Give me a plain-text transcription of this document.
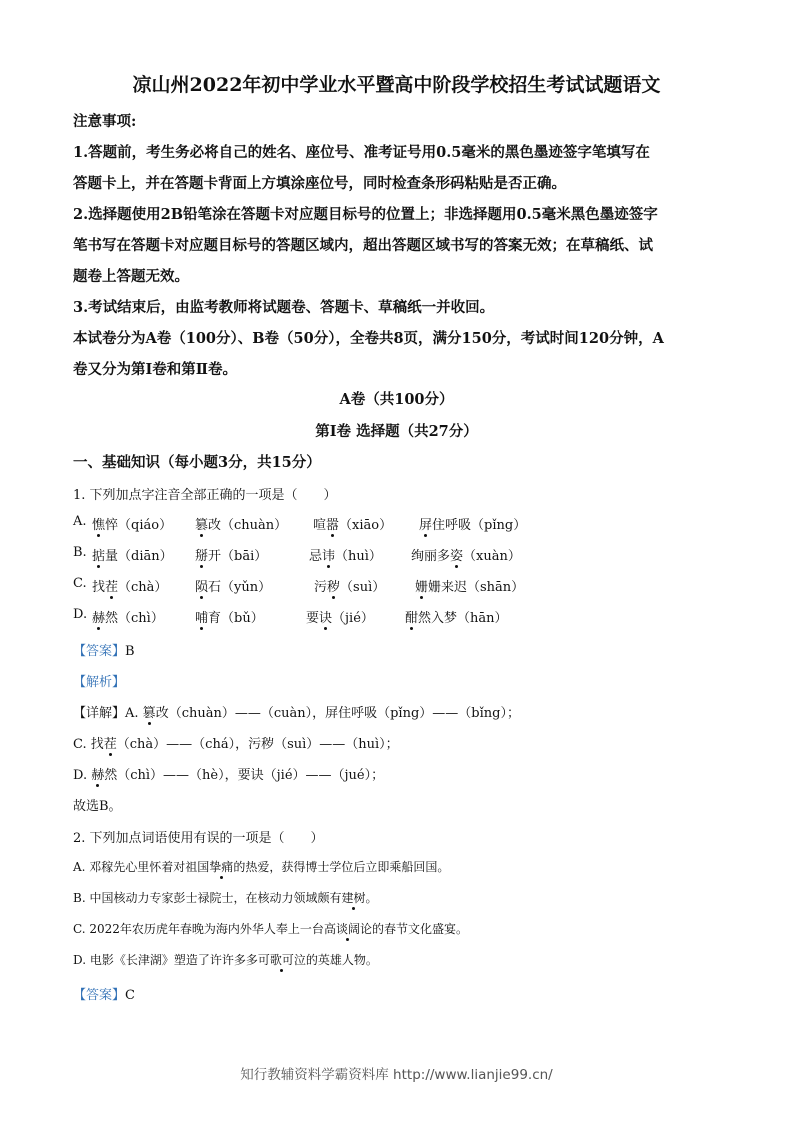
凉山州2022年初中学业水平暨高中阶段学校招生考试试题语文
注意事项:
1.答题前，考生务必将自己的姓名、座位号、准考证号用0.5毫米的黑色墨迹签字笔填写在
答题卡上，并在答题卡背面上方填涂座位号，同时检查条形码粘贴是否正确。
2.选择题使用2B铅笔涂在答题卡对应题目标号的位置上；非选择题用0.5毫米黑色墨迹签字
笔书写在答题卡对应题目标号的答题区域内，超出答题区域书写的答案无效；在草稿纸、试
题卷上答题无效。
3.考试结束后，由监考教师将试题卷、答题卡、草稿纸一并收回。
本试卷分为A卷（100分）、B卷（50分），全卷共8页，满分150分，考试时间120分钟，A
卷又分为第Ⅰ卷和第Ⅱ卷。
A卷（共100分）
第Ⅰ卷 选择题（共27分）
一、基础知识（每小题3分，共15分）
1. 下列加点字注音全部正确的一项是（　　）
A. 憔悴（qiáo） 篡改（chuàn） 喧嚣（xiāo） 屏住呼吸（pǐng）
B. 掂量（diān） 掰开（bāi）	忌讳（huì） 绚丽多姿（xuàn）
C. 找茬（chà） 陨石（yǔn）	污秽（suì） 姗姗来迟（shān）
D. 赫然（chì） 哺育（bǔ）	要诀（jié） 酣然入梦（hān）
【答案】B
【解析】
【详解】A. 篡改（chuàn）——（cuàn），屏住呼吸（pǐng）——（bǐng）；
C. 找茬（chà）——（chá），污秽（suì）——（huì）；
D. 赫然（chì）——（hè），要诀（jié）——（jué）；
故选B。
2. 下列加点词语使用有误的一项是（　　）
A. 邓稼先心里怀着对祖国挚痛的热爱，获得博士学位后立即乘船回国。
B. 中国核动力专家彭士禄院士，在核动力领域颇有建树。
C. 2022年农历虎年春晚为海内外华人奉上一台高谈阔论的春节文化盛宴。
D. 电影《长津湖》塑造了许许多多可歌可泣的英雄人物。
【答案】C
知行教辅资料学霸资料库 http://www.lianjie99.cn/
